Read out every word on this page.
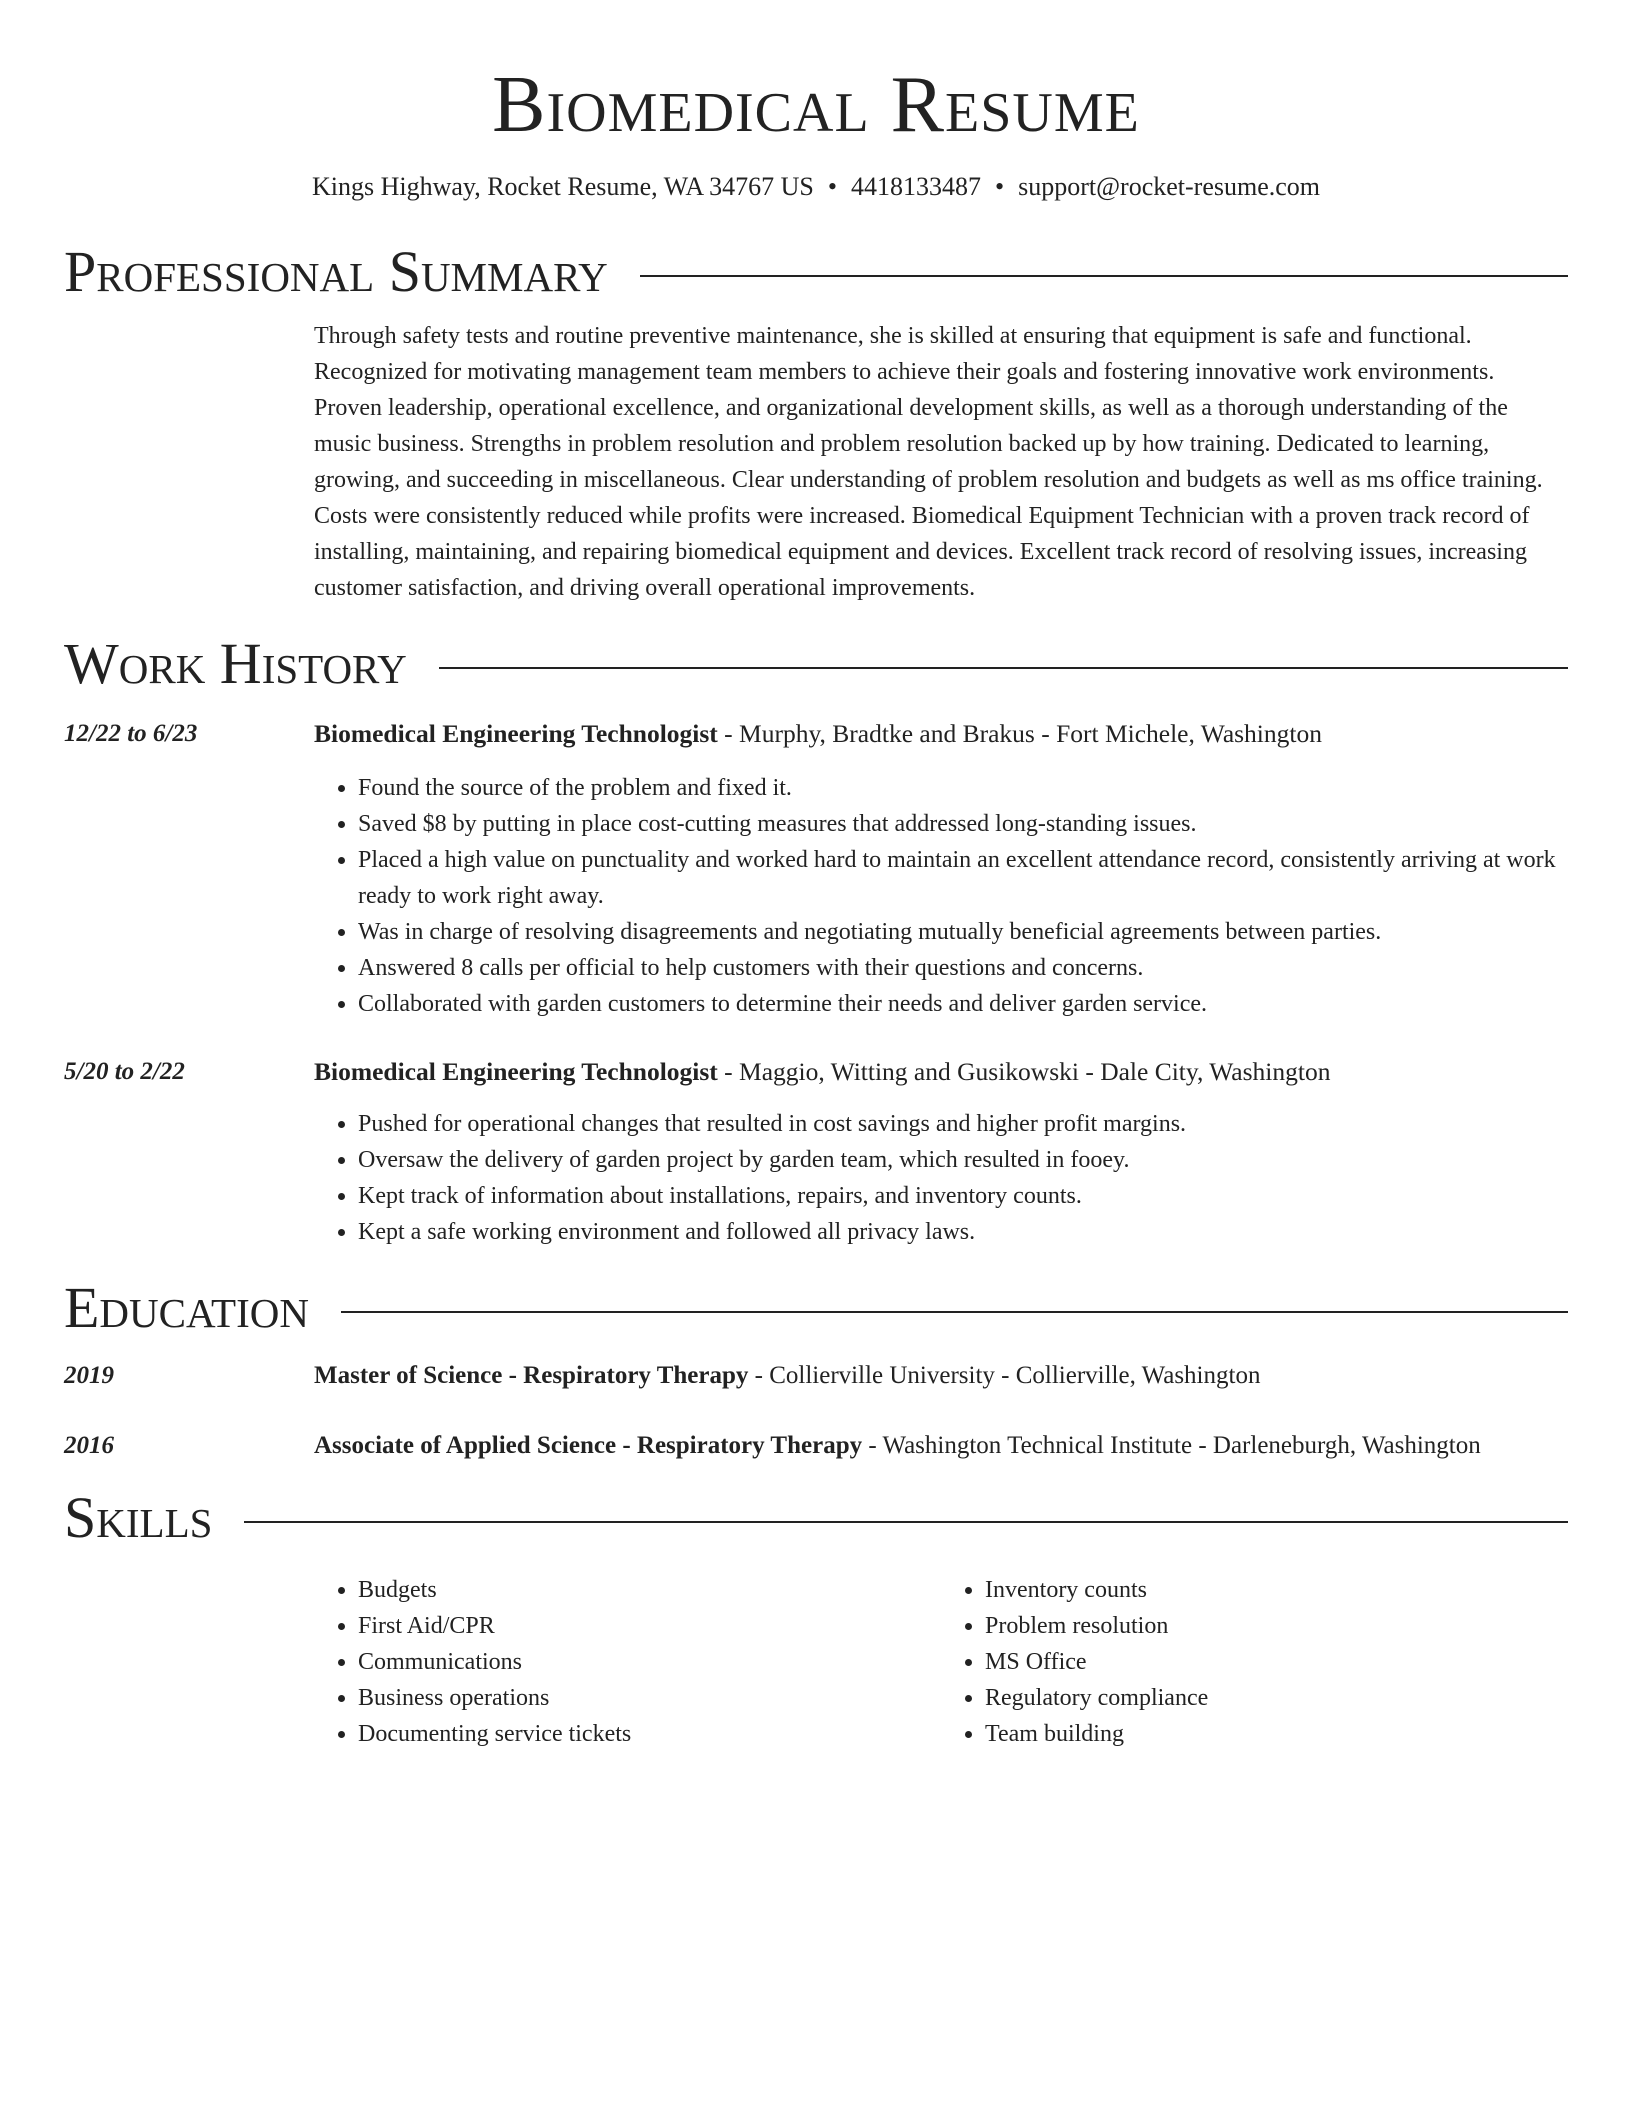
Biomedical Resume
Kings Highway, Rocket Resume, WA 34767 US • 4418133487 • support@rocket-resume.com
Professional Summary
Through safety tests and routine preventive maintenance, she is skilled at ensuring that equipment is safe and functional. Recognized for motivating management team members to achieve their goals and fostering innovative work environments. Proven leadership, operational excellence, and organizational development skills, as well as a thorough understanding of the music business. Strengths in problem resolution and problem resolution backed up by how training. Dedicated to learning, growing, and succeeding in miscellaneous. Clear understanding of problem resolution and budgets as well as ms office training. Costs were consistently reduced while profits were increased. Biomedical Equipment Technician with a proven track record of installing, maintaining, and repairing biomedical equipment and devices. Excellent track record of resolving issues, increasing customer satisfaction, and driving overall operational improvements.
Work History
12/22 to 6/23	Biomedical Engineering Technologist - Murphy, Bradtke and Brakus - Fort Michele, Washington
• Found the source of the problem and fixed it.
• Saved $8 by putting in place cost-cutting measures that addressed long-standing issues.
• Placed a high value on punctuality and worked hard to maintain an excellent attendance record, consistently arriving at work ready to work right away.
• Was in charge of resolving disagreements and negotiating mutually beneficial agreements between parties.
• Answered 8 calls per official to help customers with their questions and concerns.
• Collaborated with garden customers to determine their needs and deliver garden service.
5/20 to 2/22	Biomedical Engineering Technologist - Maggio, Witting and Gusikowski - Dale City, Washington
• Pushed for operational changes that resulted in cost savings and higher profit margins.
• Oversaw the delivery of garden project by garden team, which resulted in fooey.
• Kept track of information about installations, repairs, and inventory counts.
• Kept a safe working environment and followed all privacy laws.
Education
2019	Master of Science - Respiratory Therapy - Collierville University - Collierville, Washington
2016	Associate of Applied Science - Respiratory Therapy - Washington Technical Institute - Darleneburgh, Washington
Skills
• Budgets
• First Aid/CPR
• Communications
• Business operations
• Documenting service tickets
• Inventory counts
• Problem resolution
• MS Office
• Regulatory compliance
• Team building
